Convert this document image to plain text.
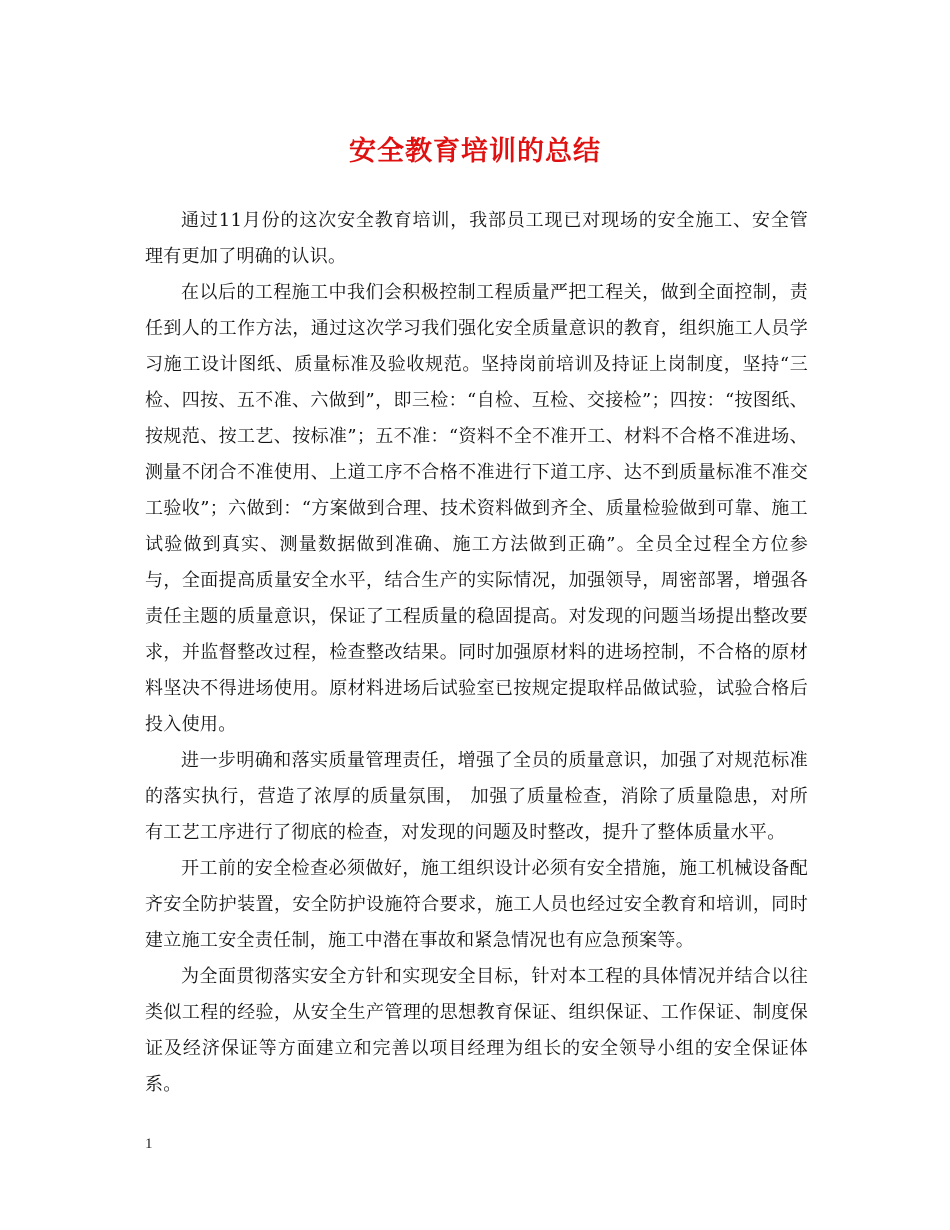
安全教育培训的总结

通过11月份的这次安全教育培训，我部员工现已对现场的安全施工、安全管理有更加了明确的认识。

在以后的工程施工中我们会积极控制工程质量严把工程关，做到全面控制，责任到人的工作方法，通过这次学习我们强化安全质量意识的教育，组织施工人员学习施工设计图纸、质量标准及验收规范。坚持岗前培训及持证上岗制度，坚持“三检、四按、五不准、六做到”，即三检：“自检、互检、交接检”；四按：“按图纸、按规范、按工艺、按标准”；五不准：“资料不全不准开工、材料不合格不准进场、测量不闭合不准使用、上道工序不合格不准进行下道工序、达不到质量标准不准交工验收”；六做到：“方案做到合理、技术资料做到齐全、质量检验做到可靠、施工试验做到真实、测量数据做到准确、施工方法做到正确”。全员全过程全方位参与，全面提高质量安全水平，结合生产的实际情况，加强领导，周密部署，增强各责任主题的质量意识，保证了工程质量的稳固提高。对发现的问题当场提出整改要求，并监督整改过程，检查整改结果。同时加强原材料的进场控制，不合格的原材料坚决不得进场使用。原材料进场后试验室已按规定提取样品做试验，试验合格后投入使用。

进一步明确和落实质量管理责任，增强了全员的质量意识，加强了对规范标准的落实执行，营造了浓厚的质量氛围， 加强了质量检查，消除了质量隐患，对所有工艺工序进行了彻底的检查，对发现的问题及时整改，提升了整体质量水平。

开工前的安全检查必须做好，施工组织设计必须有安全措施，施工机械设备配齐安全防护装置，安全防护设施符合要求，施工人员也经过安全教育和培训，同时建立施工安全责任制，施工中潜在事故和紧急情况也有应急预案等。

为全面贯彻落实安全方针和实现安全目标，针对本工程的具体情况并结合以往类似工程的经验，从安全生产管理的思想教育保证、组织保证、工作保证、制度保证及经济保证等方面建立和完善以项目经理为组长的安全领导小组的安全保证体系。

1
